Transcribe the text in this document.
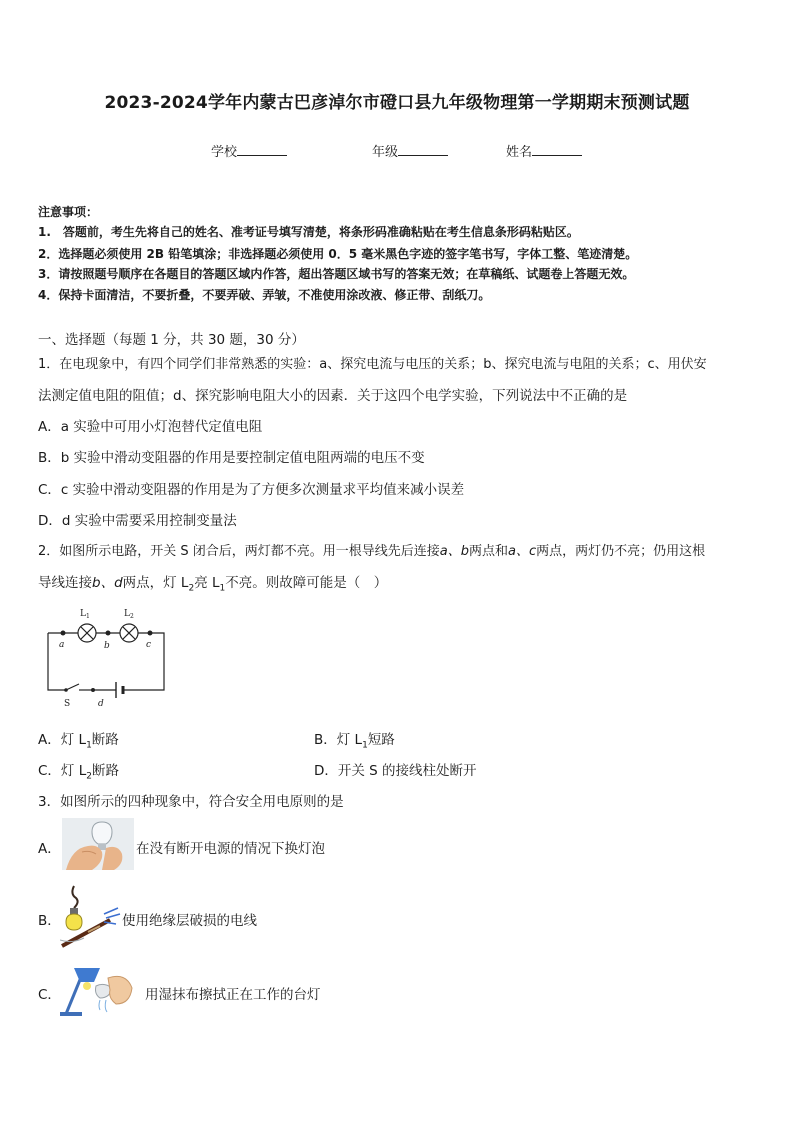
2023-2024学年内蒙古巴彦淖尔市磴口县九年级物理第一学期期末预测试题
学校	年级	姓名
注意事项：
1.　答题前，考生先将自己的姓名、准考证号填写清楚，将条形码准确粘贴在考生信息条形码粘贴区。
2．选择题必须使用 2B 铅笔填涂；非选择题必须使用 0．5 毫米黑色字迹的签字笔书写，字体工整、笔迹清楚。
3．请按照题号顺序在各题目的答题区域内作答，超出答题区域书写的答案无效；在草稿纸、试题卷上答题无效。
4．保持卡面清洁，不要折叠，不要弄破、弄皱，不准使用涂改液、修正带、刮纸刀。
一、选择题（每题 1 分，共 30 题，30 分）
1．在电现象中，有四个同学们非常熟悉的实验：a、探究电流与电压的关系；b、探究电流与电阻的关系；c、用伏安
法测定值电阻的阻值；d、探究影响电阻大小的因素．关于这四个电学实验，下列说法中不正确的是
A．a 实验中可用小灯泡替代定值电阻
B．b 实验中滑动变阻器的作用是要控制定值电阻两端的电压不变
C．c 实验中滑动变阻器的作用是为了方便多次测量求平均值来减小误差
D．d 实验中需要采用控制变量法
2．如图所示电路，开关 S 闭合后，两灯都不亮。用一根导线先后连接a、b两点和a、c两点，两灯仍不亮；仍用这根
导线连接b、d两点，灯 $L_2$亮 $L_1$不亮。则故障可能是（　）
$L_1$	$L_2$
a	b	c
d
S
A．灯 $L_1$断路	B．灯 $L_1$短路
C．灯 $L_2$断路	D．开关 S 的接线柱处断开
3．如图所示的四种现象中，符合安全用电原则的是
A．	在没有断开电源的情况下换灯泡
B．	使用绝缘层破损的电线
C．	用湿抹布擦拭正在工作的台灯
